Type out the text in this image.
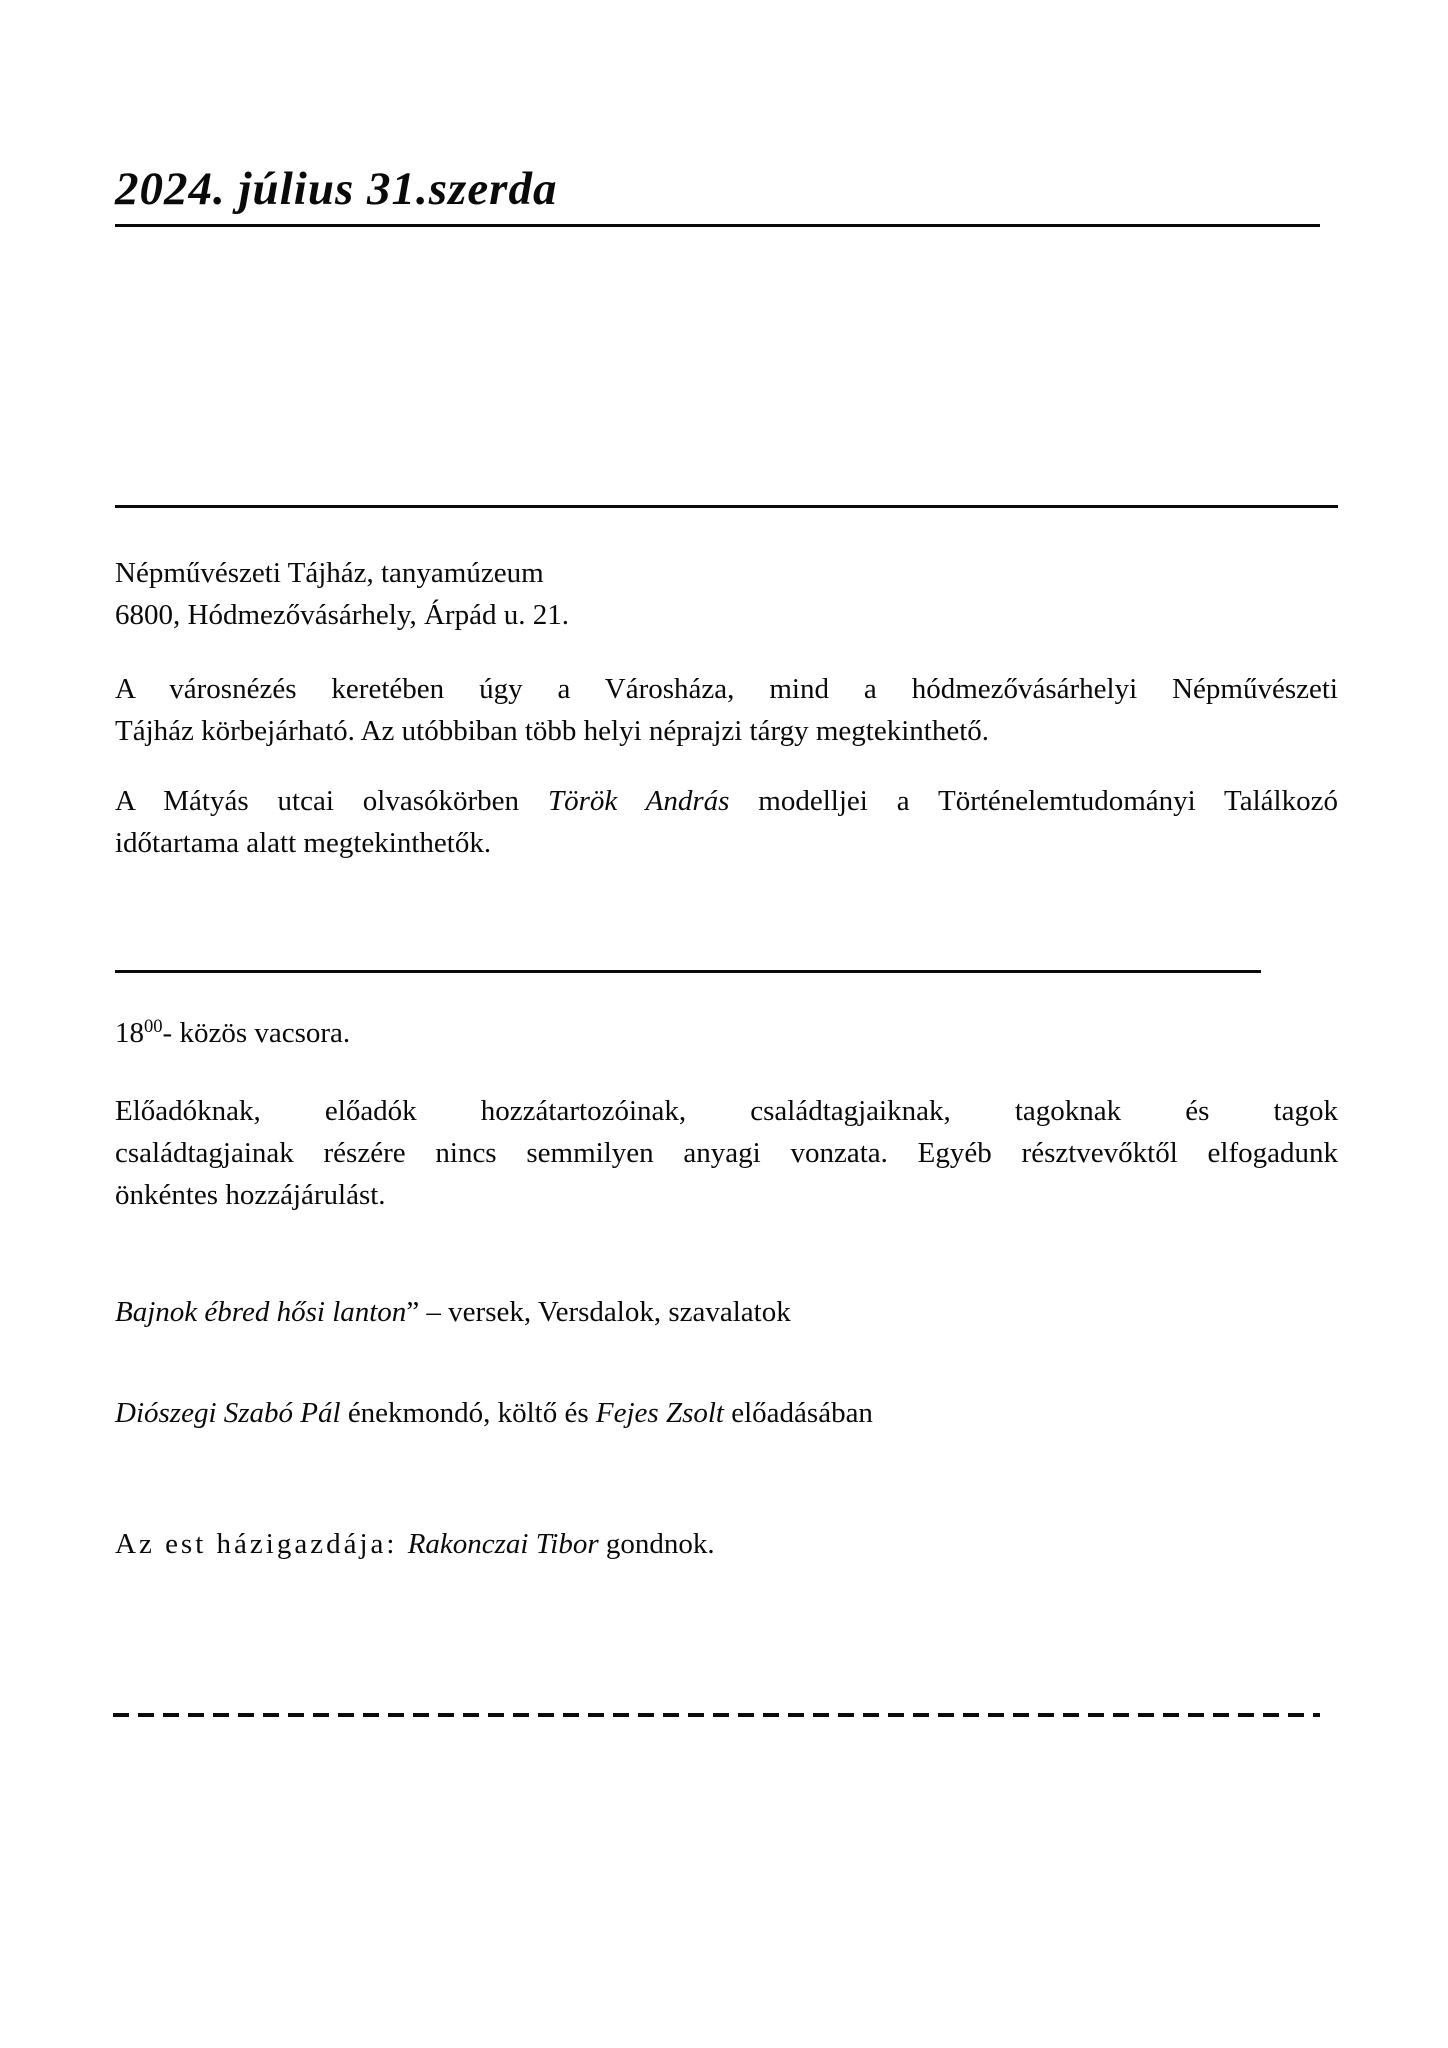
2024. július 31.szerda
Népművészeti Tájház, tanyamúzeum
6800, Hódmezővásárhely, Árpád u. 21.
A városnézés keretében úgy a Városháza, mind a hódmezővásárhelyi Népművészeti
Tájház körbejárható. Az utóbbiban több helyi néprajzi tárgy megtekinthető.
A Mátyás utcai olvasókörben Török András modelljei a Történelemtudományi Találkozó
időtartama alatt megtekinthetők.
$18^{00}-$ közös vacsora.
Előadóknak, előadók hozzátartozóinak, családtagjaiknak, tagoknak és tagok
családtagjainak részére nincs semmilyen anyagi vonzata. Egyéb résztvevőktől elfogadunk
önkéntes hozzájárulást.
Bajnok ébred hősi lanton” – versek, Versdalok, szavalatok
Diószegi Szabó Pál énekmondó, költő és Fejes Zsolt előadásában
Az est házigazdája: Rakonczai Tibor gondnok.
